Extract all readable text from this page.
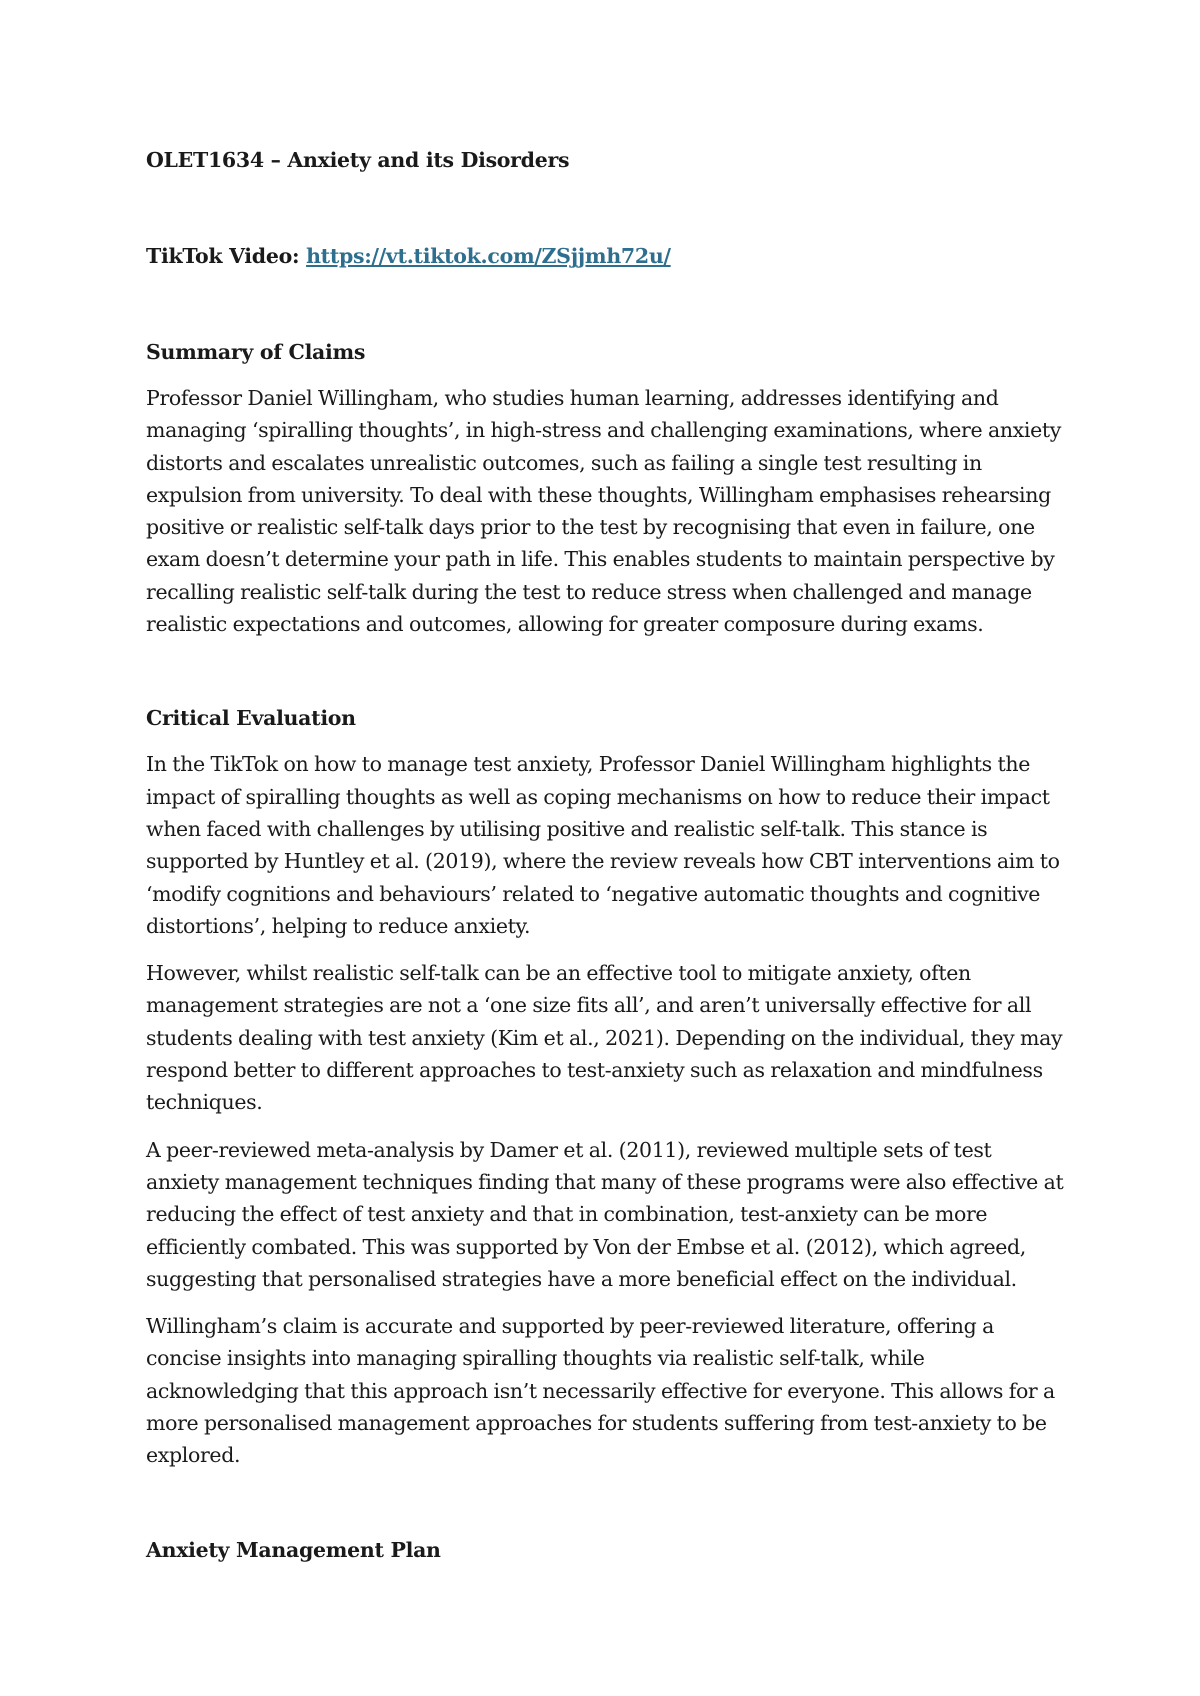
OLET1634 – Anxiety and its Disorders

TikTok Video: https://vt.tiktok.com/ZSjjmh72u/

Summary of Claims

Professor Daniel Willingham, who studies human learning, addresses identifying and managing ‘spiralling thoughts’, in high-stress and challenging examinations, where anxiety distorts and escalates unrealistic outcomes, such as failing a single test resulting in expulsion from university. To deal with these thoughts, Willingham emphasises rehearsing positive or realistic self-talk days prior to the test by recognising that even in failure, one exam doesn’t determine your path in life. This enables students to maintain perspective by recalling realistic self-talk during the test to reduce stress when challenged and manage realistic expectations and outcomes, allowing for greater composure during exams.

Critical Evaluation

In the TikTok on how to manage test anxiety, Professor Daniel Willingham highlights the impact of spiralling thoughts as well as coping mechanisms on how to reduce their impact when faced with challenges by utilising positive and realistic self-talk. This stance is supported by Huntley et al. (2019), where the review reveals how CBT interventions aim to ‘modify cognitions and behaviours’ related to ‘negative automatic thoughts and cognitive distortions’, helping to reduce anxiety.

However, whilst realistic self-talk can be an effective tool to mitigate anxiety, often management strategies are not a ‘one size fits all’, and aren’t universally effective for all students dealing with test anxiety (Kim et al., 2021). Depending on the individual, they may respond better to different approaches to test-anxiety such as relaxation and mindfulness techniques.

A peer-reviewed meta-analysis by Damer et al. (2011), reviewed multiple sets of test anxiety management techniques finding that many of these programs were also effective at reducing the effect of test anxiety and that in combination, test-anxiety can be more efficiently combated. This was supported by Von der Embse et al. (2012), which agreed, suggesting that personalised strategies have a more beneficial effect on the individual.

Willingham’s claim is accurate and supported by peer-reviewed literature, offering a concise insights into managing spiralling thoughts via realistic self-talk, while acknowledging that this approach isn’t necessarily effective for everyone. This allows for a more personalised management approaches for students suffering from test-anxiety to be explored.

Anxiety Management Plan
